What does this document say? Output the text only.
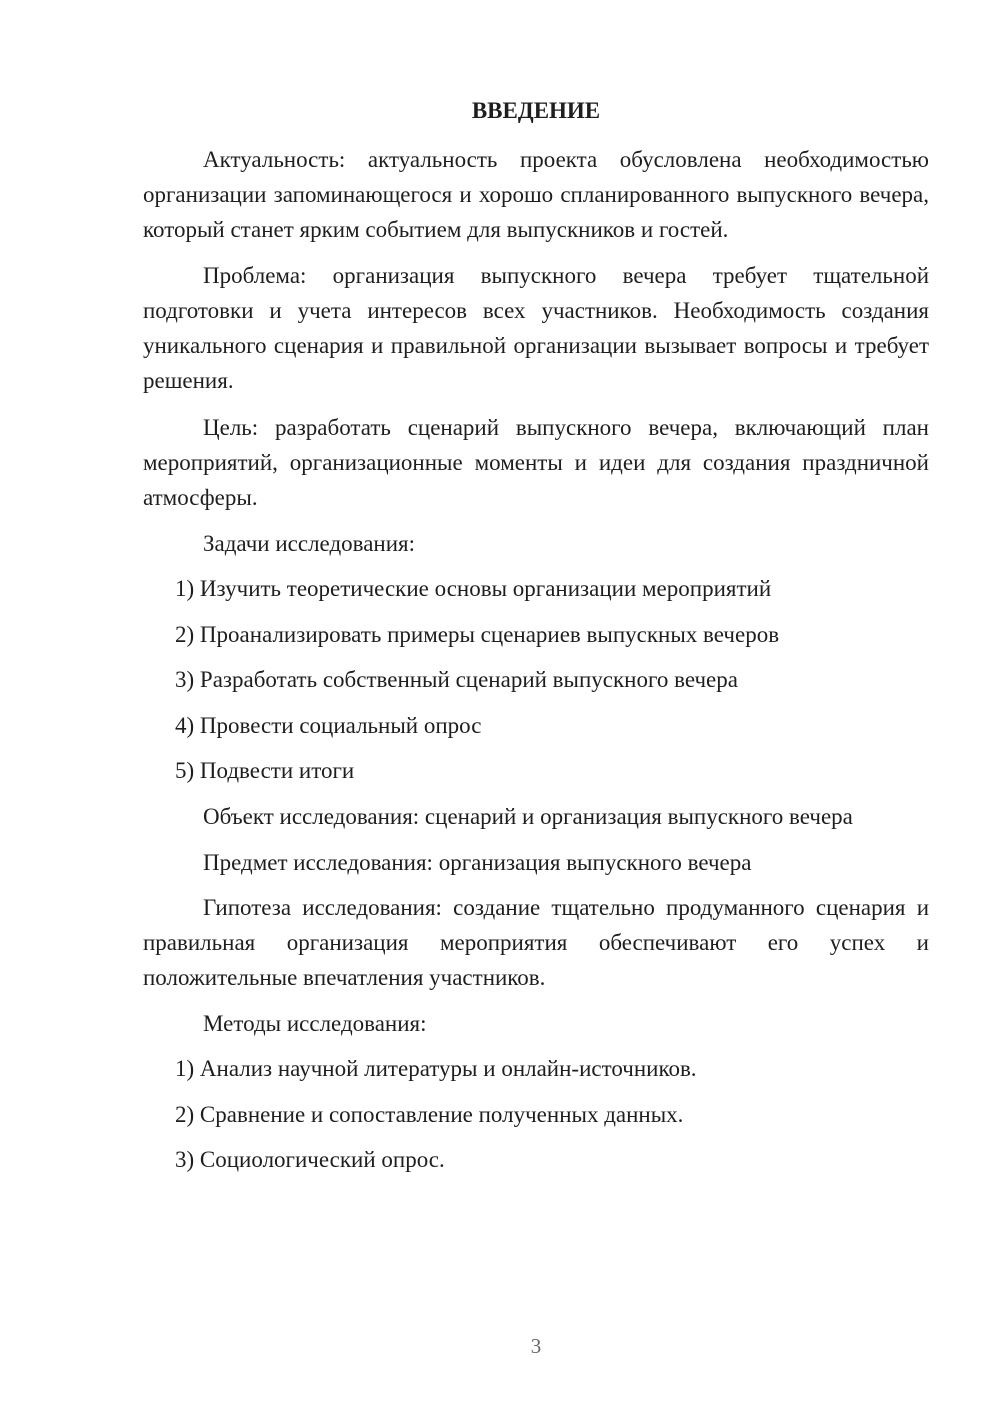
ВВЕДЕНИЕ

Актуальность: актуальность проекта обусловлена необходимостью организации запоминающегося и хорошо спланированного выпускного вечера, который станет ярким событием для выпускников и гостей.

Проблема: организация выпускного вечера требует тщательной подготовки и учета интересов всех участников. Необходимость создания уникального сценария и правильной организации вызывает вопросы и требует решения.

Цель: разработать сценарий выпускного вечера, включающий план мероприятий, организационные моменты и идеи для создания праздничной атмосферы.

Задачи исследования:

1) Изучить теоретические основы организации мероприятий

2) Проанализировать примеры сценариев выпускных вечеров

3) Разработать собственный сценарий выпускного вечера

4) Провести социальный опрос

5) Подвести итоги

Объект исследования: сценарий и организация выпускного вечера

Предмет исследования: организация выпускного вечера

Гипотеза исследования: создание тщательно продуманного сценария и правильная организация мероприятия обеспечивают его успех и положительные впечатления участников.

Методы исследования:

1) Анализ научной литературы и онлайн-источников.

2) Сравнение и сопоставление полученных данных.

3) Социологический опрос.

3
